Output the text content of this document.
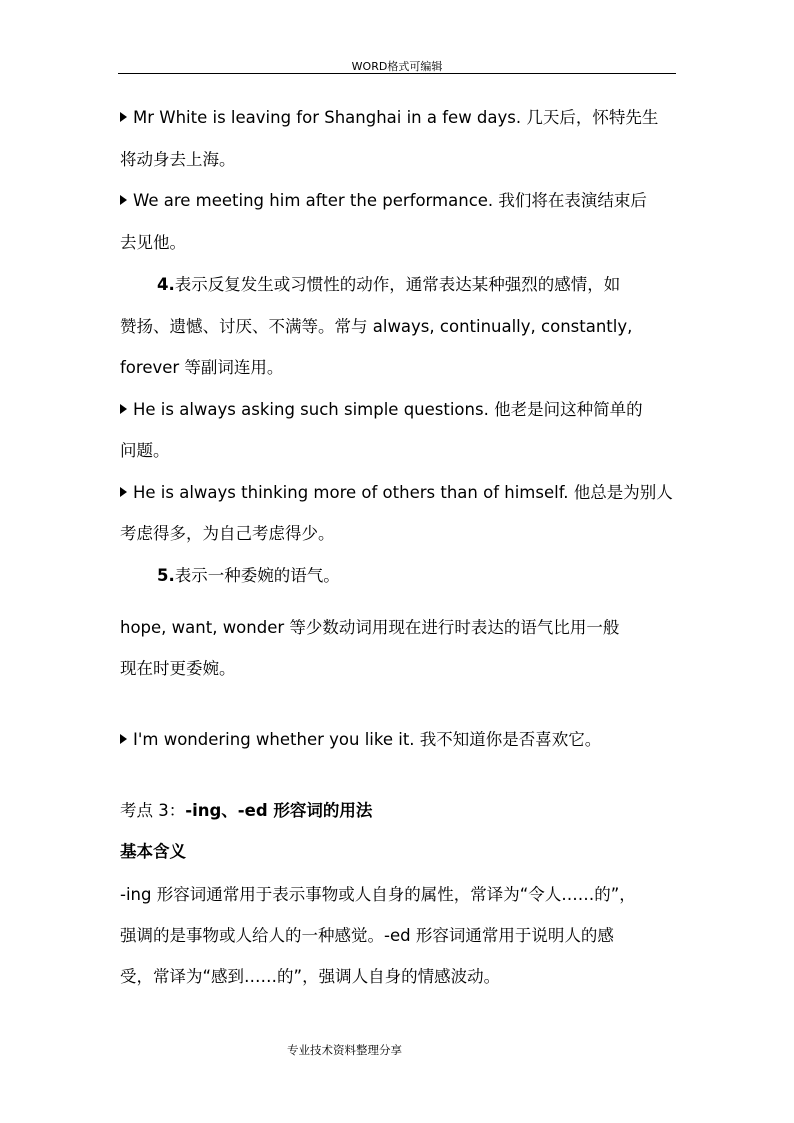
WORD格式可编辑
Mr White is leaving for Shanghai in a few days. 几天后，怀特先生
将动身去上海。
We are meeting him after the performance. 我们将在表演结束后
去见他。
4.表示反复发生或习惯性的动作，通常表达某种强烈的感情，如
赞扬、遗憾、讨厌、不满等。常与 always, continually, constantly,
forever 等副词连用。
He is always asking such simple questions. 他老是问这种简单的
问题。
He is always thinking more of others than of himself. 他总是为别人
考虑得多，为自己考虑得少。
5.表示一种委婉的语气。
hope, want, wonder 等少数动词用现在进行时表达的语气比用一般
现在时更委婉。
I'm wondering whether you like it. 我不知道你是否喜欢它。
考点 3：-ing、-ed 形容词的用法
基本含义
-ing 形容词通常用于表示事物或人自身的属性，常译为“令人……的”，
强调的是事物或人给人的一种感觉。-ed 形容词通常用于说明人的感
受，常译为“感到……的”，强调人自身的情感波动。
专业技术资料整理分享
